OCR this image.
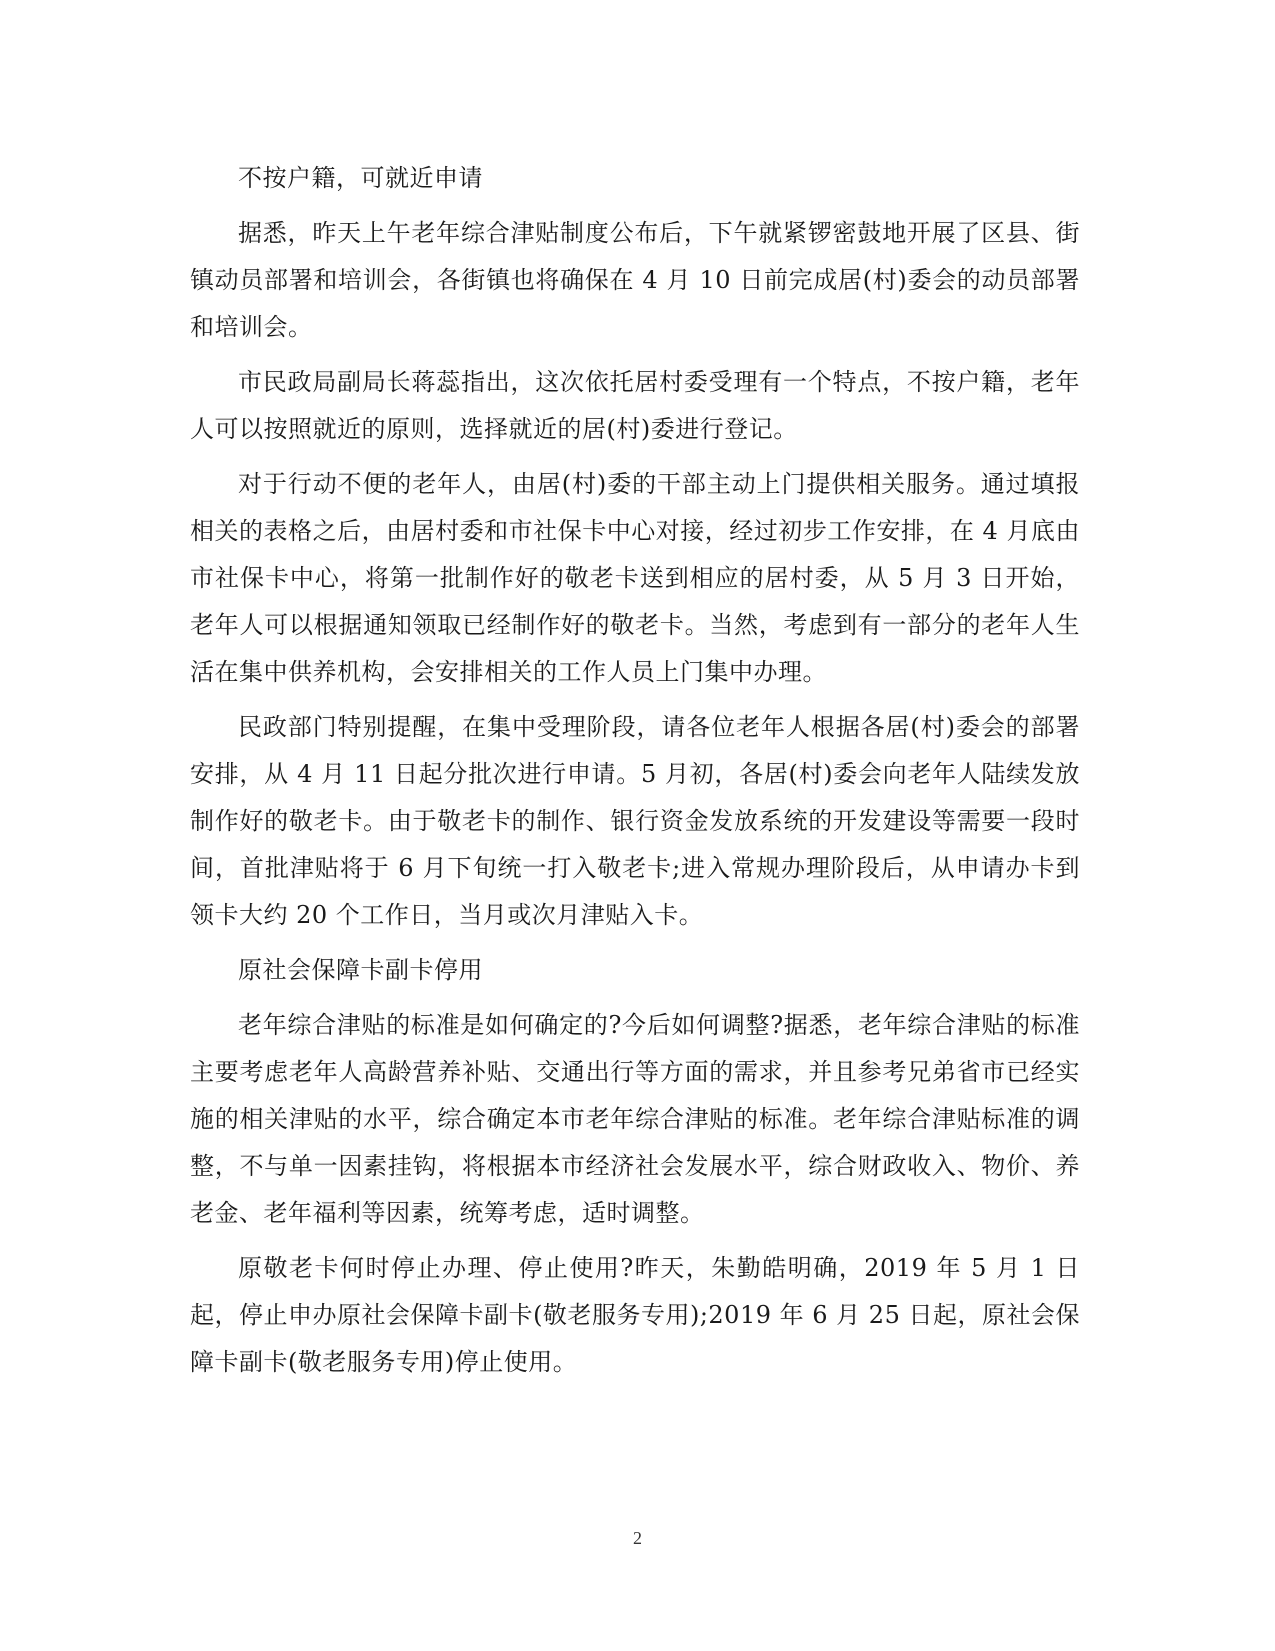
不按户籍，可就近申请

据悉，昨天上午老年综合津贴制度公布后，下午就紧锣密鼓地开展了区县、街镇动员部署和培训会，各街镇也将确保在 4 月 10 日前完成居(村)委会的动员部署和培训会。

市民政局副局长蒋蕊指出，这次依托居村委受理有一个特点，不按户籍，老年人可以按照就近的原则，选择就近的居(村)委进行登记。

对于行动不便的老年人，由居(村)委的干部主动上门提供相关服务。通过填报相关的表格之后，由居村委和市社保卡中心对接，经过初步工作安排，在 4 月底由市社保卡中心，将第一批制作好的敬老卡送到相应的居村委，从 5 月 3 日开始，老年人可以根据通知领取已经制作好的敬老卡。当然，考虑到有一部分的老年人生活在集中供养机构，会安排相关的工作人员上门集中办理。

民政部门特别提醒，在集中受理阶段，请各位老年人根据各居(村)委会的部署安排，从 4 月 11 日起分批次进行申请。5 月初，各居(村)委会向老年人陆续发放制作好的敬老卡。由于敬老卡的制作、银行资金发放系统的开发建设等需要一段时间，首批津贴将于 6 月下旬统一打入敬老卡;进入常规办理阶段后，从申请办卡到领卡大约 20 个工作日，当月或次月津贴入卡。

原社会保障卡副卡停用

老年综合津贴的标准是如何确定的?今后如何调整?据悉，老年综合津贴的标准主要考虑老年人高龄营养补贴、交通出行等方面的需求，并且参考兄弟省市已经实施的相关津贴的水平，综合确定本市老年综合津贴的标准。老年综合津贴标准的调整，不与单一因素挂钩，将根据本市经济社会发展水平，综合财政收入、物价、养老金、老年福利等因素，统筹考虑，适时调整。

原敬老卡何时停止办理、停止使用?昨天，朱勤皓明确，2019 年 5 月 1 日起，停止申办原社会保障卡副卡(敬老服务专用);2019 年 6 月 25 日起，原社会保障卡副卡(敬老服务专用)停止使用。

2
